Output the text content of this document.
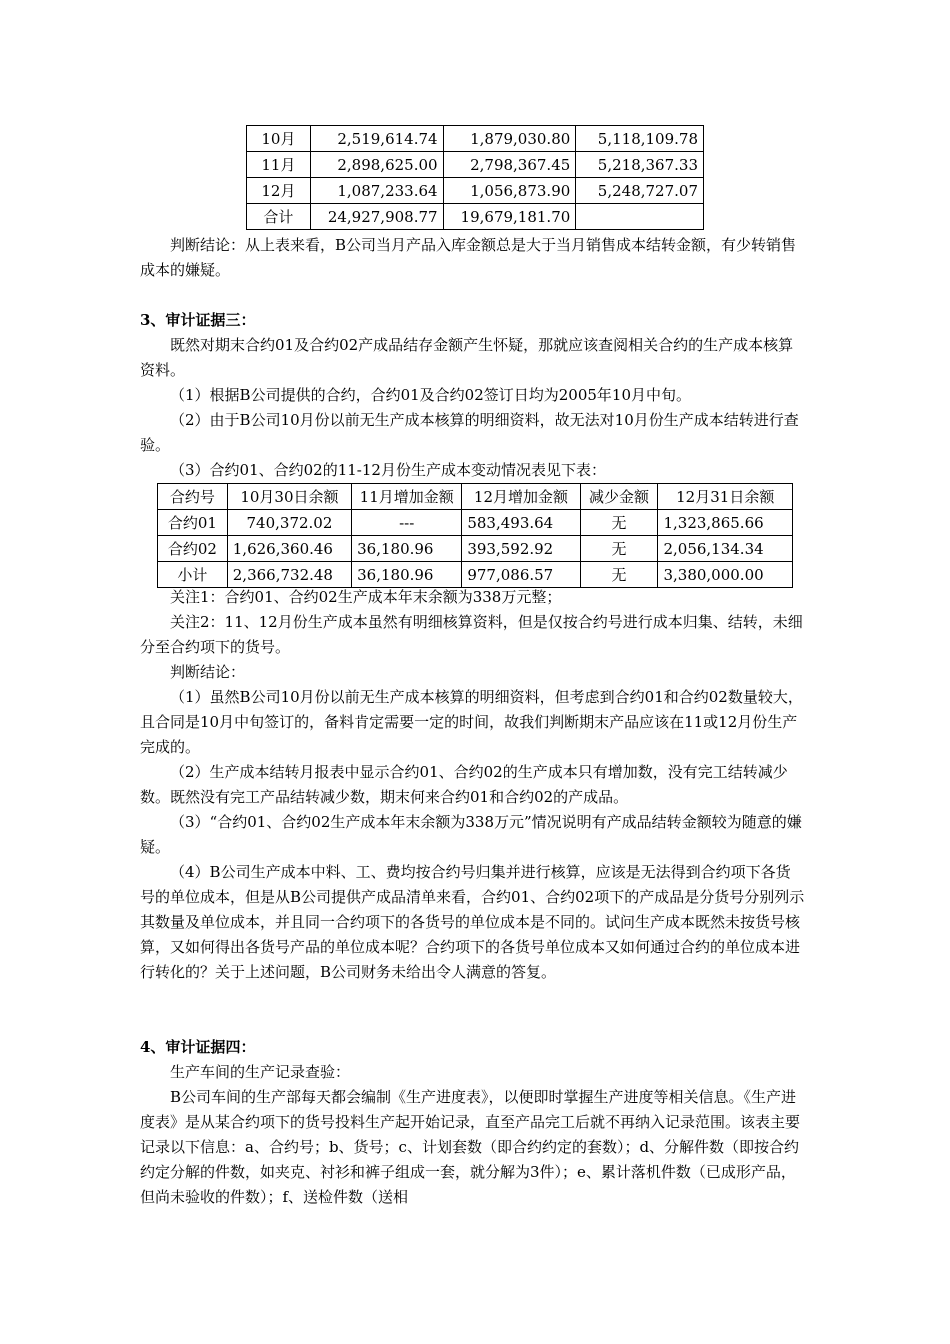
10月	2,519,614.74	1,879,030.80	5,118,109.78
11月	2,898,625.00	2,798,367.45	5,218,367.33
12月	1,087,233.64	1,056,873.90	5,248,727.07
合计	24,927,908.77	19,679,181.70	

判断结论：从上表来看，B公司当月产品入库金额总是大于当月销售成本结转金额，有少转销售成本的嫌疑。

3、审计证据三：

既然对期末合约01及合约02产成品结存金额产生怀疑，那就应该查阅相关合约的生产成本核算资料。

（1）根据B公司提供的合约，合约01及合约02签订日均为2005年10月中旬。

（2）由于B公司10月份以前无生产成本核算的明细资料，故无法对10月份生产成本结转进行查验。

（3）合约01、合约02的11-12月份生产成本变动情况表见下表：

合约号	10月30日余额	11月增加金额	12月增加金额	减少金额	12月31日余额
合约01	740,372.02	---	583,493.64	无	1,323,865.66
合约02	1,626,360.46	36,180.96	393,592.92	无	2,056,134.34
小计	2,366,732.48	36,180.96	977,086.57	无	3,380,000.00

关注1：合约01、合约02生产成本年末余额为338万元整；

关注2：11、12月份生产成本虽然有明细核算资料，但是仅按合约号进行成本归集、结转，未细分至合约项下的货号。

判断结论：

（1）虽然B公司10月份以前无生产成本核算的明细资料，但考虑到合约01和合约02数量较大，且合同是10月中旬签订的，备料肯定需要一定的时间，故我们判断期末产品应该在11或12月份生产完成的。

（2）生产成本结转月报表中显示合约01、合约02的生产成本只有增加数，没有完工结转减少数。既然没有完工产品结转减少数，期末何来合约01和合约02的产成品。

（3）“合约01、合约02生产成本年末余额为338万元”情况说明有产成品结转金额较为随意的嫌疑。

（4）B公司生产成本中料、工、费均按合约号归集并进行核算，应该是无法得到合约项下各货号的单位成本，但是从B公司提供产成品清单来看，合约01、合约02项下的产成品是分货号分别列示其数量及单位成本，并且同一合约项下的各货号的单位成本是不同的。试问生产成本既然未按货号核算，又如何得出各货号产品的单位成本呢？合约项下的各货号单位成本又如何通过合约的单位成本进行转化的？关于上述问题，B公司财务未给出令人满意的答复。

4、审计证据四：

生产车间的生产记录查验：

B公司车间的生产部每天都会编制《生产进度表》，以便即时掌握生产进度等相关信息。《生产进度表》是从某合约项下的货号投料生产起开始记录，直至产品完工后就不再纳入记录范围。该表主要记录以下信息：a、合约号；b、货号；c、计划套数（即合约约定的套数）；d、分解件数（即按合约约定分解的件数，如夹克、衬衫和裤子组成一套，就分解为3件）；e、累计落机件数（已成形产品，但尚未验收的件数）；f、送检件数（送相
